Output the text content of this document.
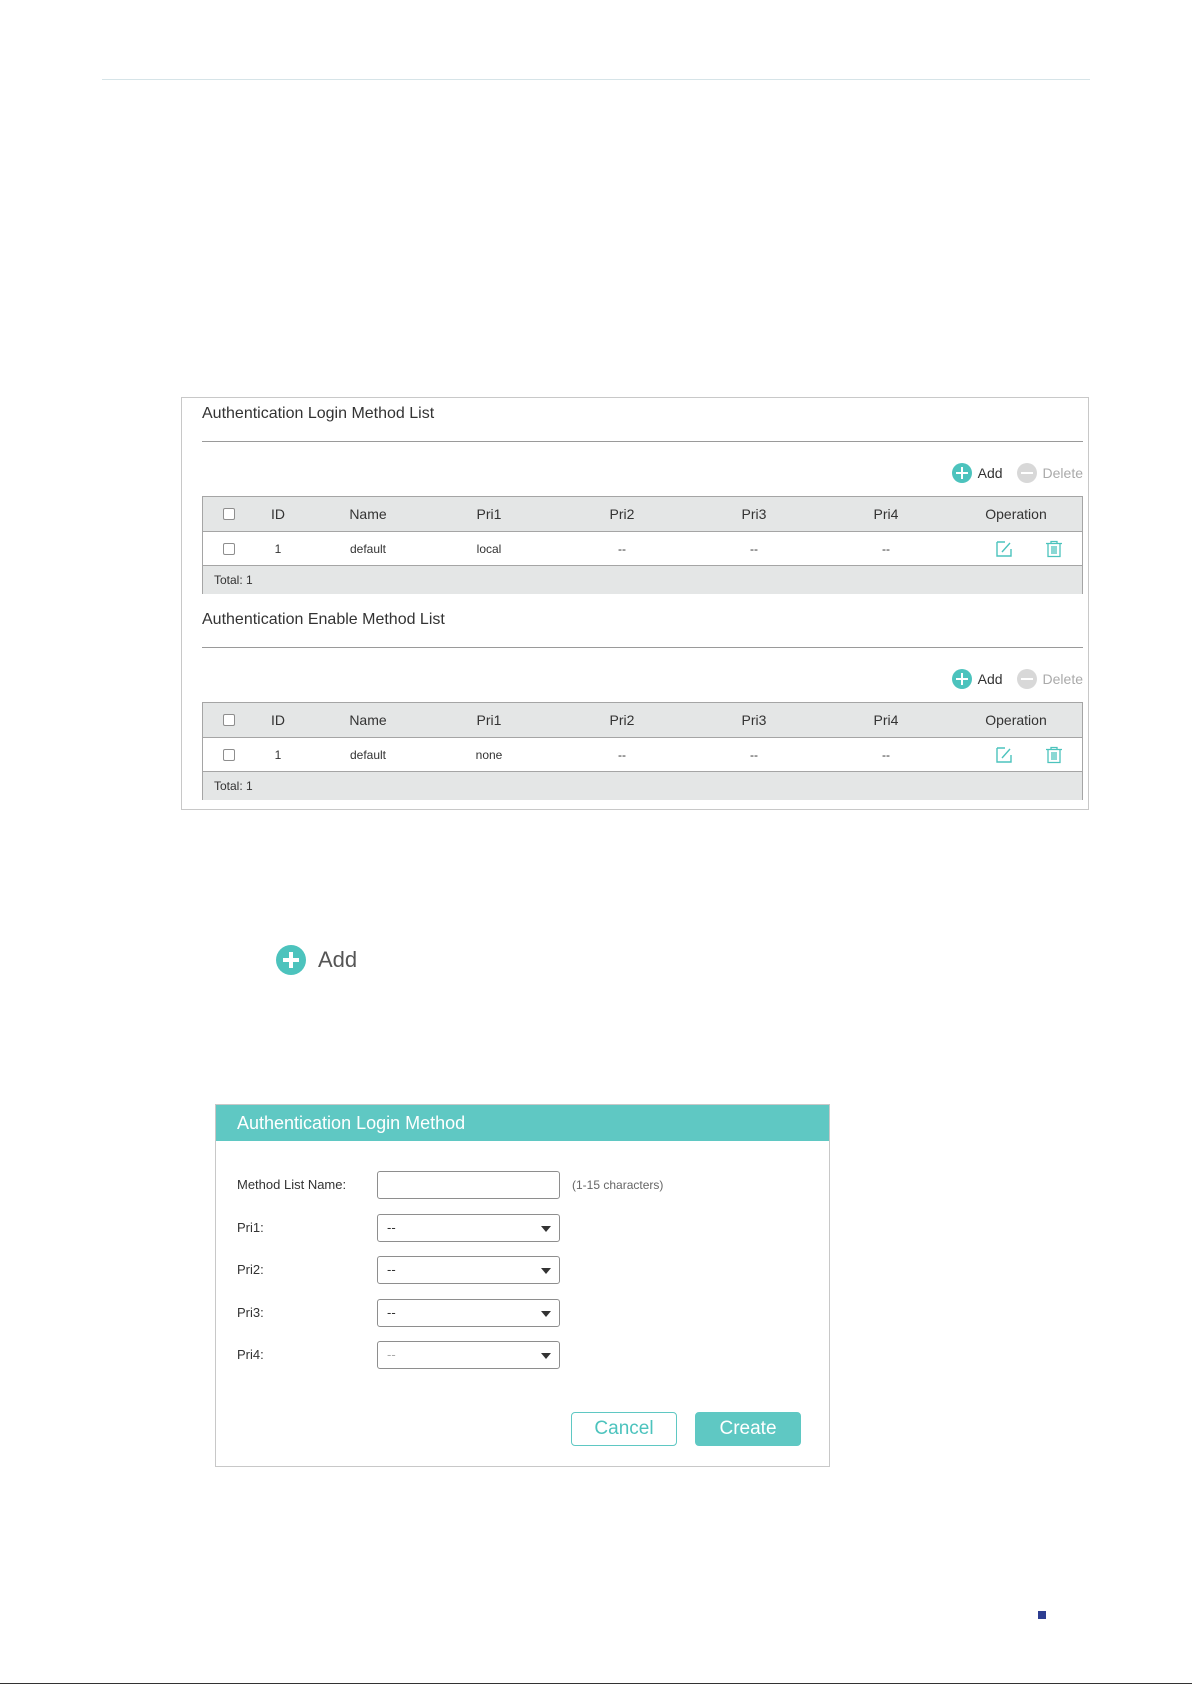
Authentication Login Method List
Add	Delete
ID	Name	Pri1	Pri2	Pri3	Pri4	Operation
1	default	local	--	--	--
Total: 1
Authentication Enable Method List
Add	Delete
ID	Name	Pri1	Pri2	Pri3	Pri4	Operation
1	default	none	--	--	--
Total: 1
Add
Authentication Login Method
Method List Name:	(1-15 characters)
Pri1:	--
Pri2:	--
Pri3:	--
Pri4:	--
Cancel	Create
